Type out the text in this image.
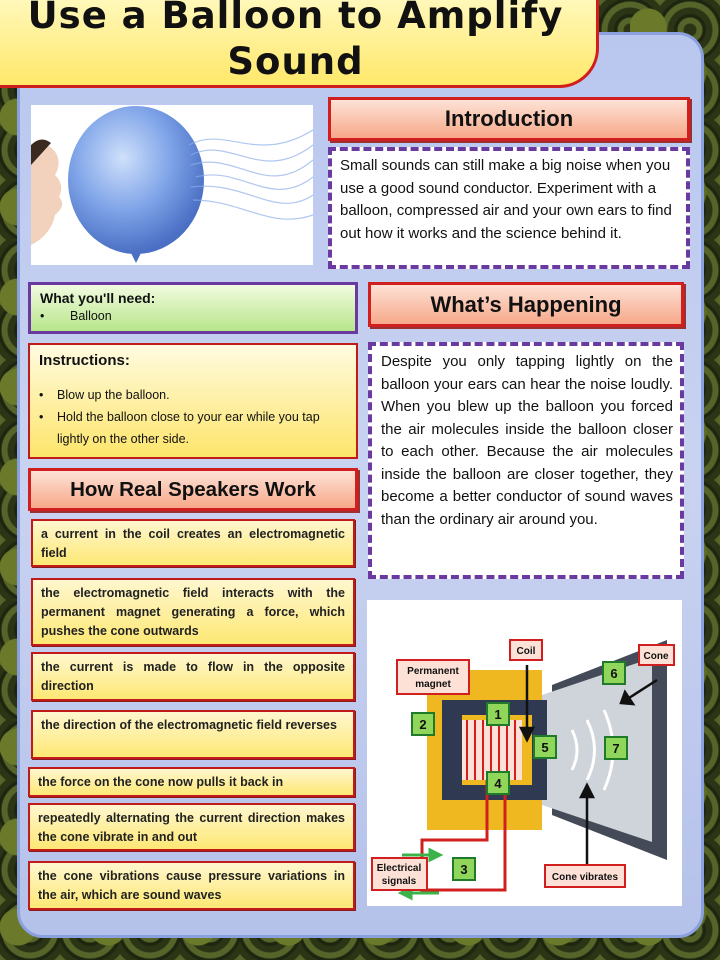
Use a Balloon to Amplify
Sound
Introduction
Small sounds can still make a big noise when you use a good sound conductor. Experiment with a balloon, compressed air and your own ears to find out how it works and the science behind it.
What you'll need:
• Balloon
Instructions:
•	Blow up the balloon.
•	Hold the balloon close to your ear while you tap lightly on the other side.
How Real Speakers Work
a current in the coil creates an electromagnetic field
the electromagnetic field interacts with the permanent magnet generating a force, which pushes the cone outwards
the current is made to flow in the opposite direction
the direction of the electromagnetic field reverses
the force on the cone now pulls it back in
repeatedly alternating the current direction makes the cone vibrate in and out
the cone vibrations cause pressure variations in the air, which are sound waves
What’s Happening
Despite you only tapping lightly on the balloon your ears can hear the noise loudly. When you blew up the balloon you forced the air molecules inside the balloon closer to each other. Because the air molecules inside the balloon are closer together, they become a better conductor of sound waves than the ordinary air around you.
Permanent
magnet
Coil	Cone
Electrical
signals	Cone vibrates
1
2
3
4
5
6
7
